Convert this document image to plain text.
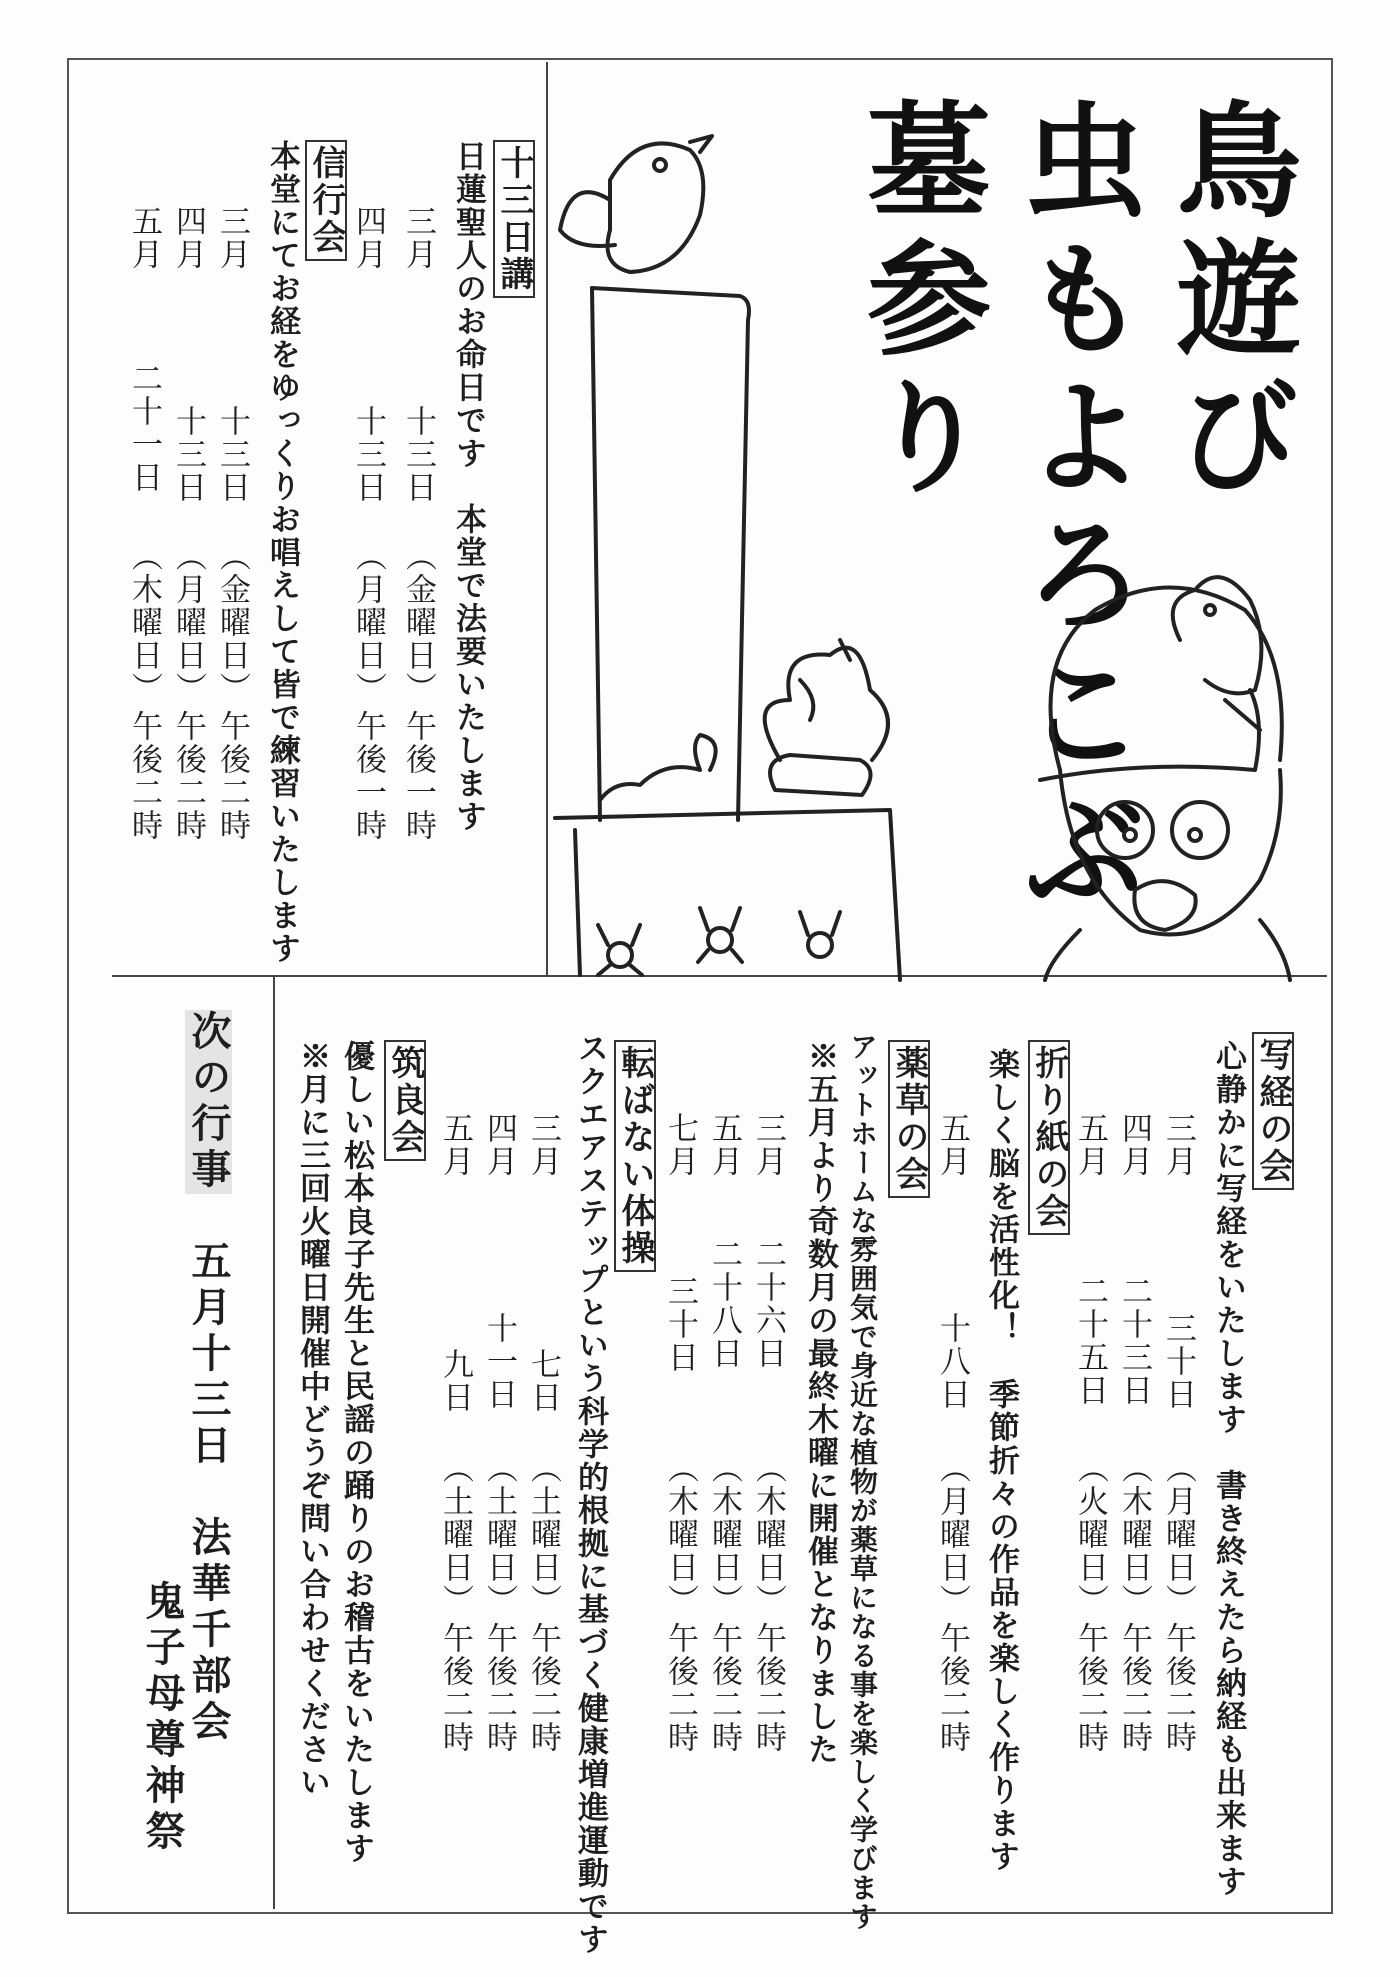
鳥遊び
虫もよろこぶ
墓参り
十三日講
日蓮聖人のお命日です　本堂で法要いたします
三月
十三日
（金曜日）
午後一時
四月
十三日
（月曜日）
午後一時
信行会
本堂にてお経をゆっくりお唱えして皆で練習いたします
三月
十三日
（金曜日）
午後二時
四月
十三日
（月曜日）
午後二時
五月
二十一日
（木曜日）
午後二時
写経の会
心静かに写経をいたします　書き終えたら納経も出来ます
三月
三十日
（月曜日）
午後二時
四月
二十三日
（木曜日）
午後二時
五月
二十五日
（火曜日）
午後二時
折り紙の会
楽しく脳を活性化！　季節折々の作品を楽しく作ります
五月
十八日
（月曜日）
午後二時
薬草の会
アットホームな雰囲気で身近な植物が薬草になる事を楽しく学びます
※五月より奇数月の最終木曜に開催となりました
三月
二十六日
（木曜日）
午後二時
五月
二十八日
（木曜日）
午後二時
七月
三十日
（木曜日）
午後二時
転ばない体操
スクエアステップという科学的根拠に基づく健康増進運動です
三月
七日
（土曜日）
午後二時
四月
十一日
（土曜日）
午後二時
五月
九日
（土曜日）
午後二時
筑良会
優しい松本良子先生と民謡の踊りのお稽古をいたします
※月に三回火曜日開催中どうぞ問い合わせください
次の行事　五月十三日　法華千部会
鬼子母尊神祭
